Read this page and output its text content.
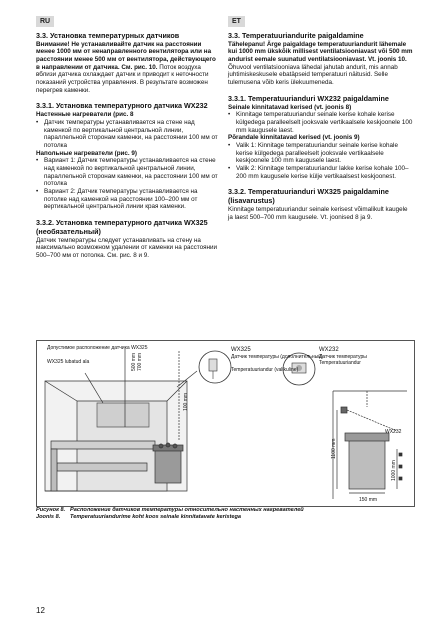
RU	ET

3.3. Установка температурных датчиков

Внимание! Не устанавливайте датчик на расстоянии менее 1000 мм от ненаправленного вентилятора или на расстоянии менее 500 мм от вентилятора, действующего в направлении от датчика. См. рис. 10. Поток воздуха вблизи датчика охлаждает датчик и приводит к неточности показаний устройства управления. В результате возможен перегрев каменки.

3.3.1. Установка температурного датчика WX232

Настенные нагреватели (рис. 8

• Датчик температуры устанавливается на стене над каменкой по вертикальной центральной линии, параллельной сторонам каменки, на расстоянии 100 мм от потолка

Напольные нагреватели (рис. 9)

• Вариант 1: Датчик температуры устанавливается на стене над каменкой по вертикальной центральной линии, параллельной сторонам каменки, на расстоянии 100 мм от потолка
• Вариант 2: Датчик температуры устанавливается на потолке над каменкой на расстоянии 100–200 мм от вертикальной центральной линии края каменки.

3.3.2. Установка температурного датчика WX325 (необязательный)

Датчик температуры следует устанавливать на стену на максимально возможном удалении от каменки на расстоянии 500–700 мм от потолка. См. рис. 8 и 9.

3.3. Temperatuuriandurite paigaldamine

Tähelepanu! Ärge paigaldage temperatuuriandurit lähemale kui 1000 mm ükskõik millisest ventilatsiooniavast või 500 mm andurist eemale suunatud ventilatsiooniavast. Vt. joonis 10. Õhuvool ventilatsiooniava lähedal jahutab andurit, mis annab juhtimiskeskusele ebatäpseid temperatuuri näitusid. Selle tulemusena võib keris ülekuumeneda.

3.3.1. Temperatuurianduri WX232 paigaldamine

Seinale kinnitatavad kerised (vt. joonis 8)

• Kinnitage temperatuuriandur seinale kerise kohale kerise külgedega paralleelselt jooksvale vertikaalsele keskjoonele 100 mm kaugusele laest.

Põrandale kinnitatavad kerised (vt. joonis 9)

• Valik 1: Kinnitage temperatuuriandur seinale kerise kohale kerise külgedega paralleelselt jooksvale vertikaalsele keskjoonele 100 mm kaugusele laest.
• Valik 2: Kinnitage temperatuuriandur lakke kerise kohale 100–200 mm kaugusele kerise külje vertikaalsest keskjoonest.

3.3.2. Temperatuurianduri WX325 paigaldamine (lisavarustus)

Kinnitage temperatuuriandur seinale kerisest võimalikult kaugele ja laest 500–700 mm kaugusele. Vt. joonised 8 ja 9.

Допустимое расположение датчика WX325
WX325 lubatud ala	500 mm 700 mm
100 mm
WX325
Датчик температуры (дополнительный)
Temperatuuriandur (valikuline)
WX232
Датчик температуры
Temperatuuriandur
1100 mm
1000 mm
150 mm
WX232
Рисунок 8. Расположение датчиков температуры относительно настенных нагревателей
Joonis 8. Temperatuurianduriте koht koos seinale kinnitatavate keristega
12
